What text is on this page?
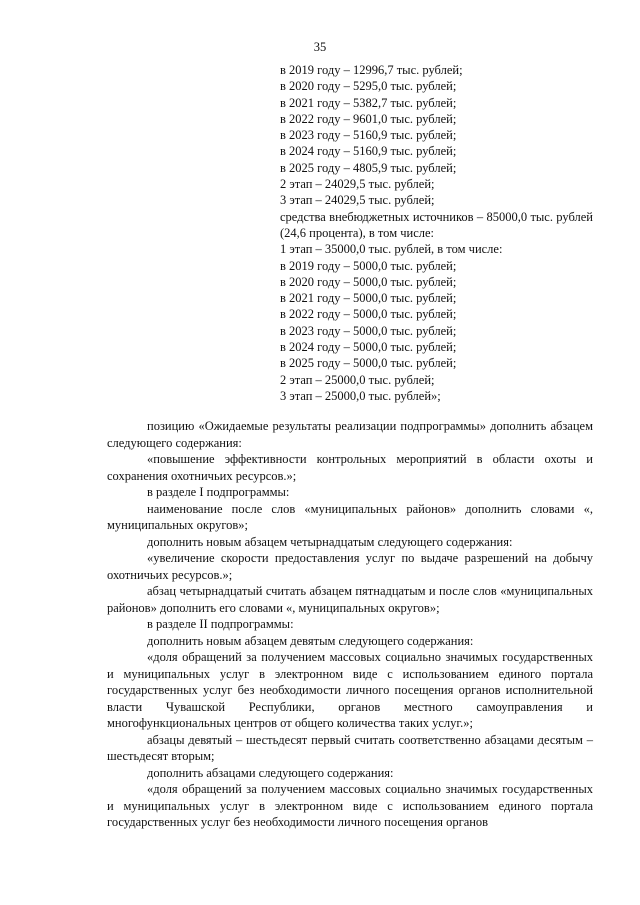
35
в 2019 году – 12996,7 тыс. рублей;
в 2020 году – 5295,0 тыс. рублей;
в 2021 году – 5382,7 тыс. рублей;
в 2022 году – 9601,0 тыс. рублей;
в 2023 году – 5160,9 тыс. рублей;
в 2024 году – 5160,9 тыс. рублей;
в 2025 году – 4805,9 тыс. рублей;
2 этап – 24029,5 тыс. рублей;
3 этап – 24029,5 тыс. рублей;
средства внебюджетных источников – 85000,0 тыс. рублей (24,6 процента), в том числе:
1 этап – 35000,0 тыс. рублей, в том числе:
в 2019 году – 5000,0 тыс. рублей;
в 2020 году – 5000,0 тыс. рублей;
в 2021 году – 5000,0 тыс. рублей;
в 2022 году – 5000,0 тыс. рублей;
в 2023 году – 5000,0 тыс. рублей;
в 2024 году – 5000,0 тыс. рублей;
в 2025 году – 5000,0 тыс. рублей;
2 этап – 25000,0 тыс. рублей;
3 этап – 25000,0 тыс. рублей»;

позицию «Ожидаемые результаты реализации подпрограммы» дополнить абзацем следующего содержания:

«повышение эффективности контрольных мероприятий в области охоты и сохранения охотничьих ресурсов.»;

в разделе I подпрограммы:

наименование после слов «муниципальных районов» дополнить словами «, муниципальных округов»;

дополнить новым абзацем четырнадцатым следующего содержания:

«увеличение скорости предоставления услуг по выдаче разрешений на добычу охотничьих ресурсов.»;

абзац четырнадцатый считать абзацем пятнадцатым и после слов «муниципальных районов» дополнить его словами «, муниципальных округов»;

в разделе II подпрограммы:

дополнить новым абзацем девятым следующего содержания:

«доля обращений за получением массовых социально значимых государственных и муниципальных услуг в электронном виде с использованием единого портала государственных услуг без необходимости личного посещения органов исполнительной власти Чувашской Республики, органов местного самоуправления и многофункциональных центров от общего количества таких услуг.»;

абзацы девятый – шестьдесят первый считать соответственно абзацами десятым – шестьдесят вторым;

дополнить абзацами следующего содержания:

«доля обращений за получением массовых социально значимых государственных и муниципальных услуг в электронном виде с использованием единого портала государственных услуг без необходимости личного посещения органов
